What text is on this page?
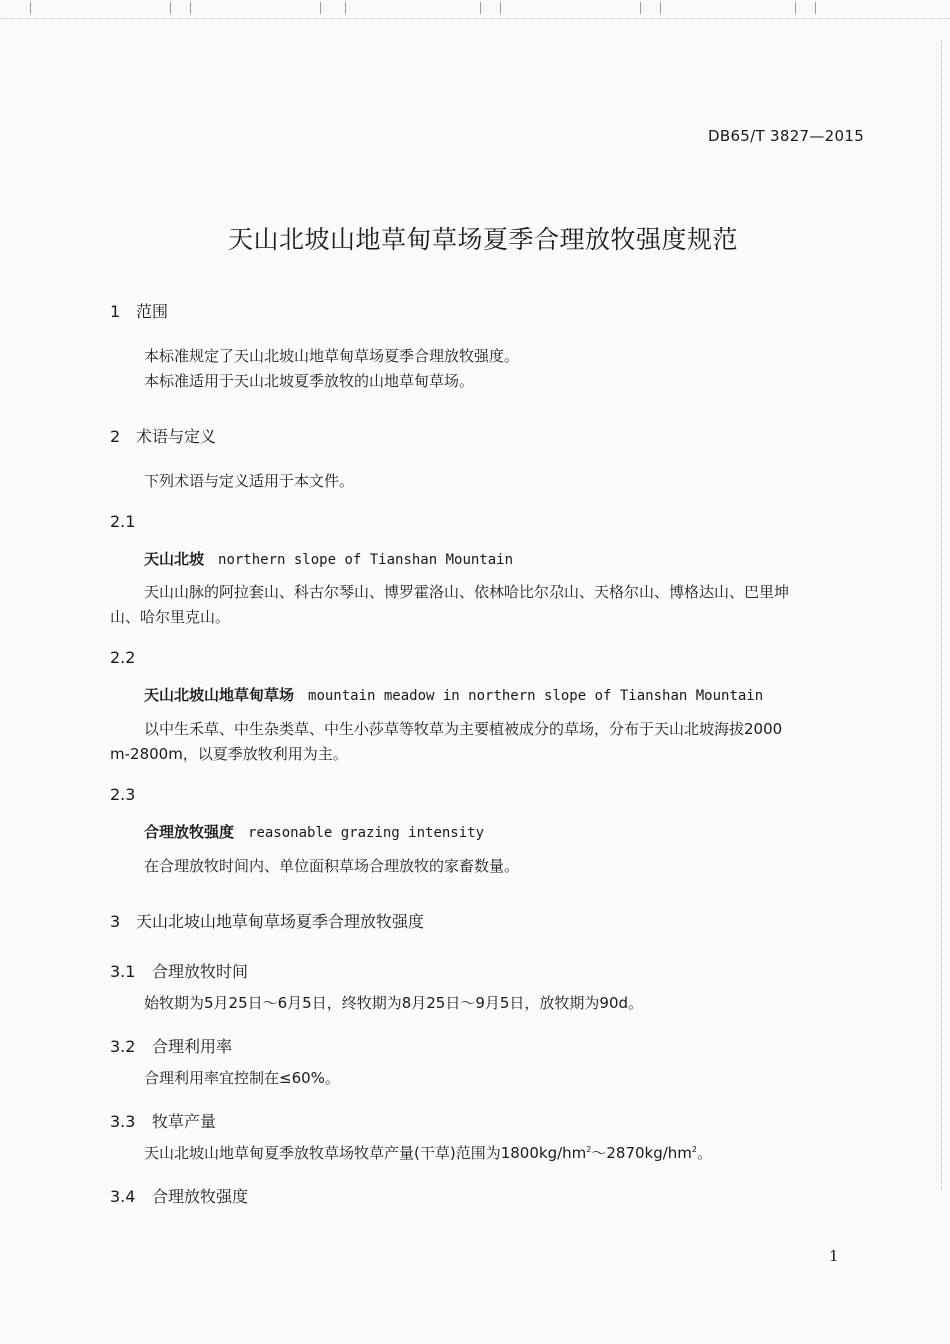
DB65/T 3827—2015
天山北坡山地草甸草场夏季合理放牧强度规范
1 范围
本标准规定了天山北坡山地草甸草场夏季合理放牧强度。
本标准适用于天山北坡夏季放牧的山地草甸草场。
2 术语与定义
下列术语与定义适用于本文件。
2.1
天山北坡 northern slope of Tianshan Mountain
天山山脉的阿拉套山、科古尔琴山、博罗霍洛山、依林哈比尔尕山、天格尔山、博格达山、巴里坤
山、哈尔里克山。
2.2
天山北坡山地草甸草场 mountain meadow in northern slope of Tianshan Mountain
以中生禾草、中生杂类草、中生小莎草等牧草为主要植被成分的草场，分布于天山北坡海拔2000
m-2800m，以夏季放牧利用为主。
2.3
合理放牧强度 reasonable grazing intensity
在合理放牧时间内、单位面积草场合理放牧的家畜数量。
3 天山北坡山地草甸草场夏季合理放牧强度
3.1 合理放牧时间
始牧期为5月25日～6月5日，终牧期为8月25日～9月5日，放牧期为90d。
3.2 合理利用率
合理利用率宜控制在≤60%。
3.3 牧草产量
天山北坡山地草甸夏季放牧草场牧草产量(干草)范围为$1800kg/hm^2\sim 2870kg/hm^2$。
3.4 合理放牧强度
1
